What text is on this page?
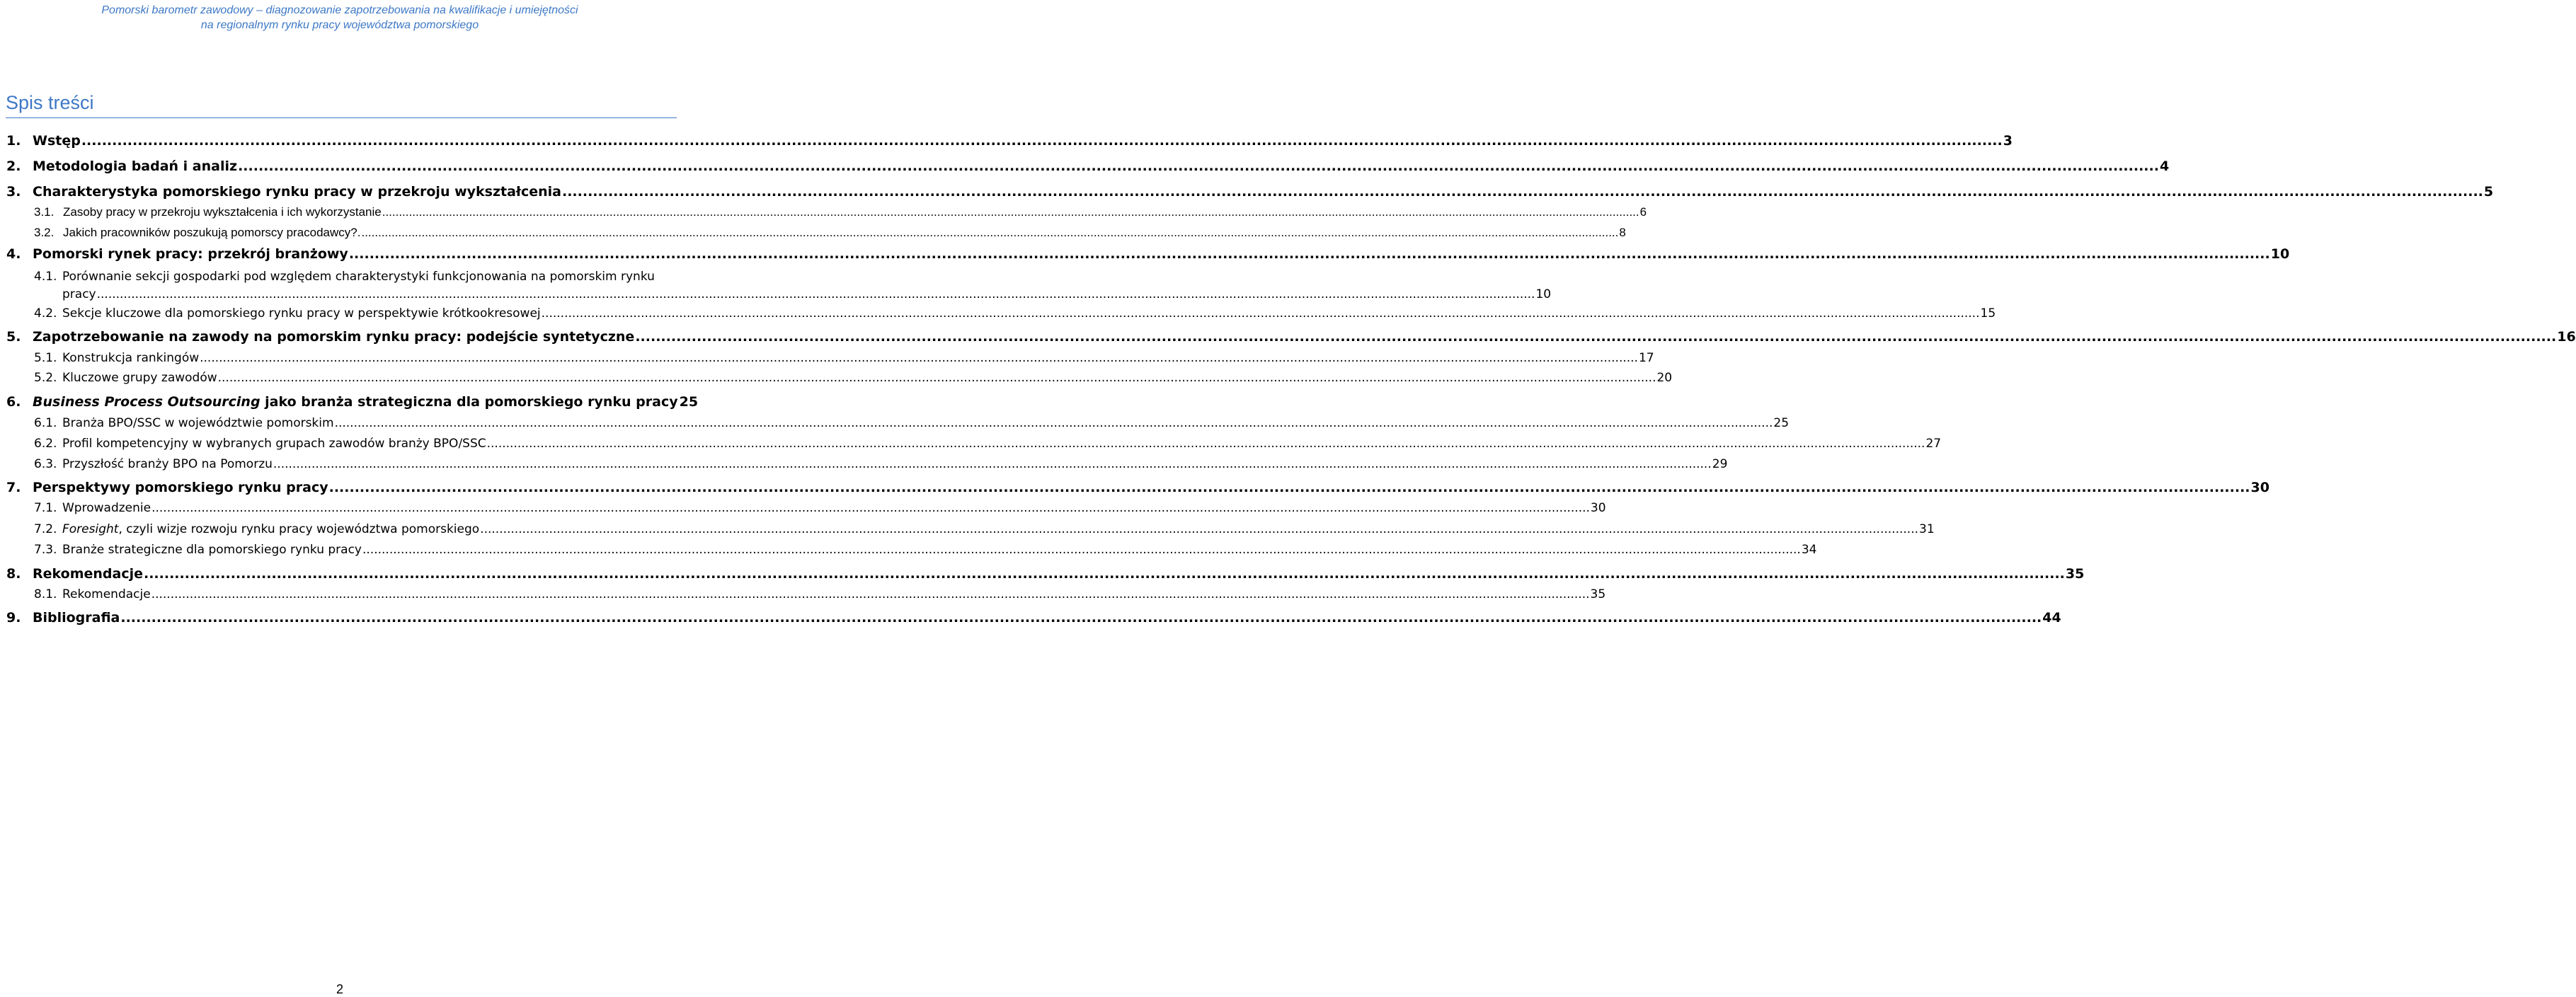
Pomorski barometr zawodowy – diagnozowanie zapotrzebowania na kwalifikacje i umiejętności
na regionalnym rynku pracy województwa pomorskiego
Spis treści
1. Wstęp .....	3
2. Metodologia badań i analiz .....	4
3. Charakterystyka pomorskiego rynku pracy w przekroju wykształcenia .....	5
3.1. Zasoby pracy w przekroju wykształcenia i ich wykorzystanie .....	6
3.2. Jakich pracowników poszukują pomorscy pracodawcy?. .....	8
4. Pomorski rynek pracy: przekrój branżowy .....	10
4.1. Porównanie sekcji gospodarki pod względem charakterystyki funkcjonowania na pomorskim rynku
pracy .....	10
4.2. Sekcje kluczowe dla pomorskiego rynku pracy w perspektywie krótkookresowej .....	15
5. Zapotrzebowanie na zawody na pomorskim rynku pracy: podejście syntetyczne .....	16
5.1. Konstrukcja rankingów .....	17
5.2. Kluczowe grupy zawodów .....	20
6. Business Process Outsourcing jako branża strategiczna dla pomorskiego rynku pracy 25
6.1. Branża BPO/SSC w województwie pomorskim .....	25
6.2. Profil kompetencyjny w wybranych grupach zawodów branży BPO/SSC .....	27
6.3. Przyszłość branży BPO na Pomorzu .....	29
7. Perspektywy pomorskiego rynku pracy .....	30
7.1. Wprowadzenie .....	30
7.2. Foresight, czyli wizje rozwoju rynku pracy województwa pomorskiego .....	31
7.3. Branże strategiczne dla pomorskiego rynku pracy .....	34
8. Rekomendacje .....	35
8.1. Rekomendacje .....	35
9. Bibliografia .....	44
2
